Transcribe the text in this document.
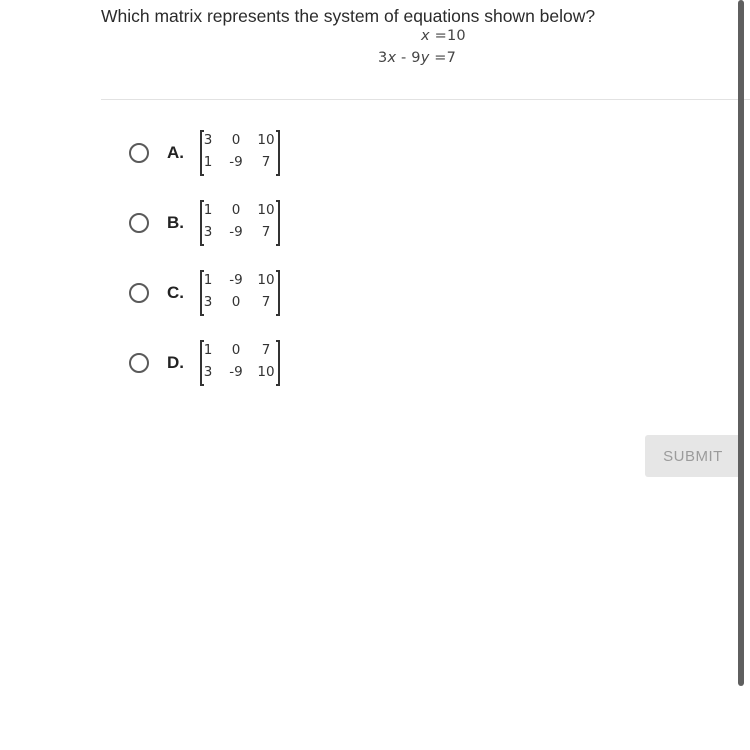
Which matrix represents the system of equations shown below?
x =10
3x - 9y =7
A.
3	0	10
1	-9	7
B.
1	0	10
3	-9	7
C.
1	-9	10
3	0	7
D.
1	0	7
3	-9	10
SUBMIT
